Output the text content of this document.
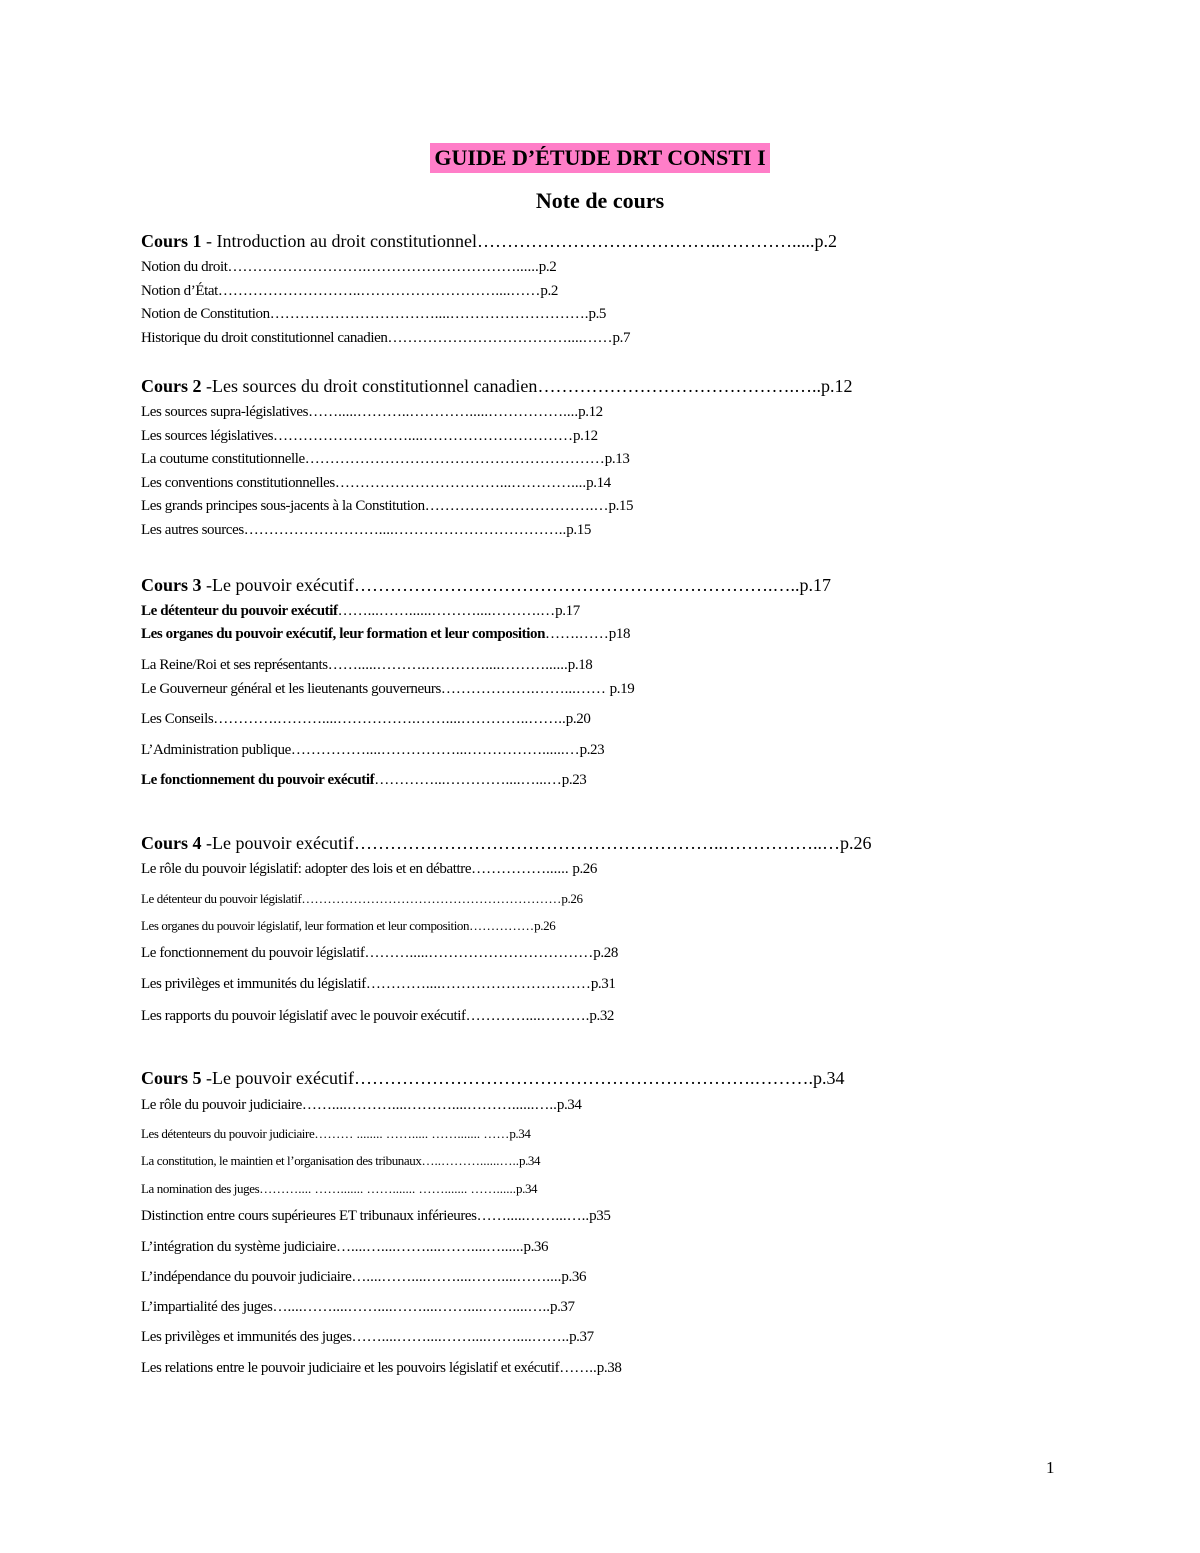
GUIDE D’ÉTUDE DRT CONSTI I
Note de cours
Cours 1 - Introduction au droit constitutionnel…………………………………..………….....p.2
Notion du droit……………………….…………………………......p.2
Notion d’État………………………..………………………....……p.2
Notion de Constitution……………………………....……………………….p.5
Historique du droit constitutionnel canadien………………………………....……p.7
Cours 2 -Les sources du droit constitutionnel canadien…………………………………….…..p.12
Les sources supra-législatives…….....………..………….....……………....p.12
Les sources législatives………………………....…………………………p.12
La coutume constitutionnelle……………………………………………………p.13
Les conventions constitutionnelles……………………………...…………....p.14
Les grands principes sous-jacents à la Constitution…………………………….…p.15
Les autres sources………………………....……………………………..p.15
Cours 3 -Le pouvoir exécutif…………………………………………………………….…..p.17
Le détenteur du pouvoir exécutif……...……......………....……….…p.17
Les organes du pouvoir exécutif, leur formation et leur composition…….……p18
La Reine/Roi et ses représentants…….....……….…………....………......p.18
Le Gouverneur général et les lieutenants gouverneurs……………….……...…… p.19
Les Conseils………….………....…………….……....…………..……..p.20
L’Administration publique……………....……………...……………......…p.23
Le fonctionnement du pouvoir exécutif…………...…………....…...…p.23
Cours 4 -Le pouvoir exécutif……………………………………………………..……………..…p.26
Le rôle du pouvoir législatif: adopter des lois et en débattre……………...... p.26
Le détenteur du pouvoir législatif……………………………………………………p.26
Les organes du pouvoir législatif, leur formation et leur composition……………p.26
Le fonctionnement du pouvoir législatif……….....……………………………p.28
Les privilèges et immunités du législatif…………....…………………………p.31
Les rapports du pouvoir législatif avec le pouvoir exécutif…………....……….p.32
Cours 5 -Le pouvoir exécutif………………………………………………………….……….p.34
Le rôle du pouvoir judiciaire……....………....………....………......…..p.34
Les détenteurs du pouvoir judiciaire……… ........ ……..... ……....... ……p.34
La constitution, le maintien et l’organisation des tribunaux…..………......…..p.34
La nomination des juges……….... ……....... ……....... ……....... ……......p.34
Distinction entre cours supérieures ET tribunaux inférieures…….....……...…..p35
L’intégration du système judiciaire…....…....……....……....…......p.36
L’indépendance du pouvoir judiciaire…....……....……....……....……....p.36
L’impartialité des juges…....……....……....……....……....……....…..p.37
Les privilèges et immunités des juges……....……....……....……....……..p.37
Les relations entre le pouvoir judiciaire et les pouvoirs législatif et exécutif……..p.38
1
